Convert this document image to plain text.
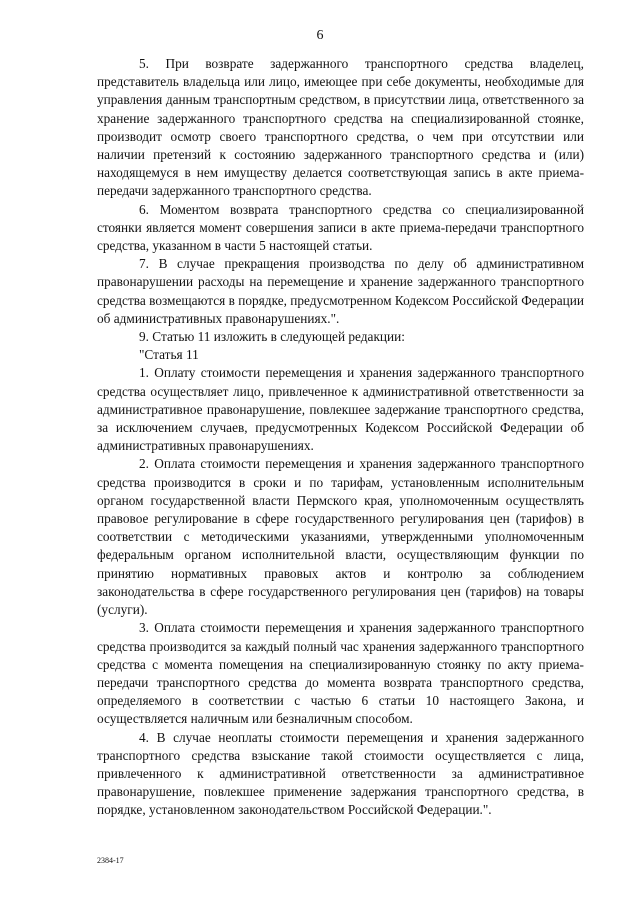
6

5. При возврате задержанного транспортного средства владелец, представитель владельца или лицо, имеющее при себе документы, необходимые для управления данным транспортным средством, в присутствии лица, ответственного за хранение задержанного транспортного средства на специализированной стоянке, производит осмотр своего транспортного средства, о чем при отсутствии или наличии претензий к состоянию задержанного транспортного средства и (или) находящемуся в нем имуществу делается соответствующая запись в акте приема-передачи задержанного транспортного средства.

6. Моментом возврата транспортного средства со специализированной стоянки является момент совершения записи в акте приема-передачи транспортного средства, указанном в части 5 настоящей статьи.

7. В случае прекращения производства по делу об административном правонарушении расходы на перемещение и хранение задержанного транспортного средства возмещаются в порядке, предусмотренном Кодексом Российской Федерации об административных правонарушениях.".

9. Статью 11 изложить в следующей редакции:

"Статья 11

1. Оплату стоимости перемещения и хранения задержанного транспортного средства осуществляет лицо, привлеченное к административной ответственности за административное правонарушение, повлекшее задержание транспортного средства, за исключением случаев, предусмотренных Кодексом Российской Федерации об административных правонарушениях.

2. Оплата стоимости перемещения и хранения задержанного транспортного средства производится в сроки и по тарифам, установленным исполнительным органом государственной власти Пермского края, уполномоченным осуществлять правовое регулирование в сфере государственного регулирования цен (тарифов) в соответствии с методическими указаниями, утвержденными уполномоченным федеральным органом исполнительной власти, осуществляющим функции по принятию нормативных правовых актов и контролю за соблюдением законодательства в сфере государственного регулирования цен (тарифов) на товары (услуги).

3. Оплата стоимости перемещения и хранения задержанного транспортного средства производится за каждый полный час хранения задержанного транспортного средства с момента помещения на специализированную стоянку по акту приема-передачи транспортного средства до момента возврата транспортного средства, определяемого в соответствии с частью 6 статьи 10 настоящего Закона, и осуществляется наличным или безналичным способом.

4. В случае неоплаты стоимости перемещения и хранения задержанного транспортного средства взыскание такой стоимости осуществляется с лица, привлеченного к административной ответственности за административное правонарушение, повлекшее применение задержания транспортного средства, в порядке, установленном законодательством Российской Федерации.".

2384-17
